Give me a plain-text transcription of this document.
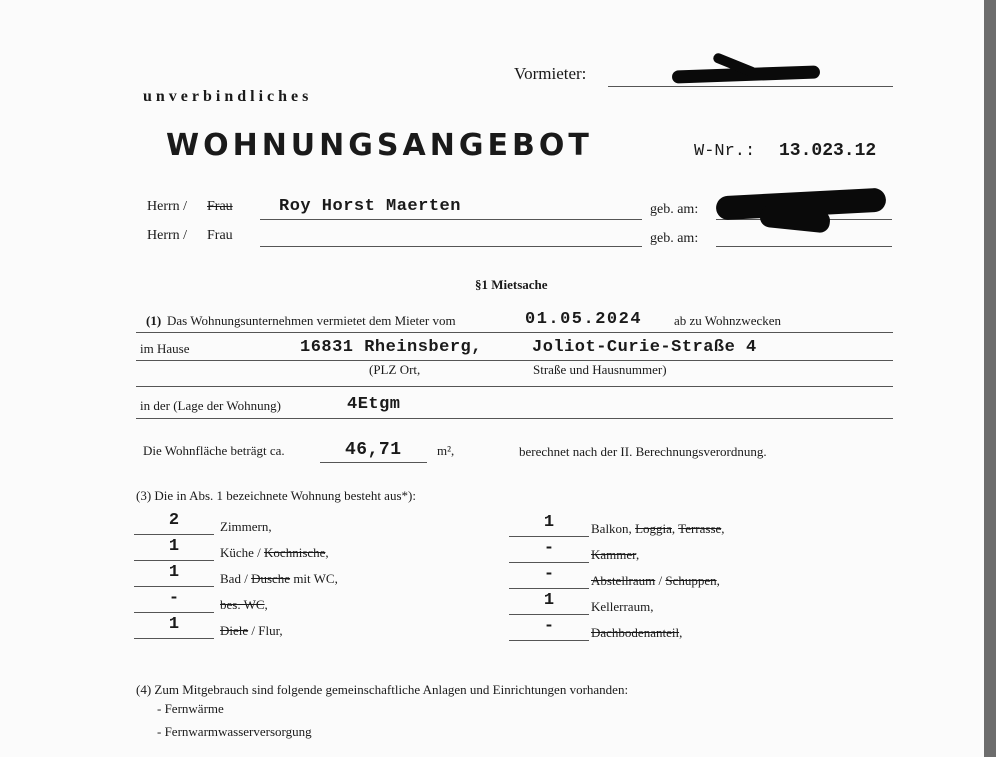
Vormieter:
unverbindliches
WOHNUNGSANGEBOT	W-Nr.: 13.023.12
Herrn / Frau	Roy Horst Maerten	geb. am:
Herrn / Frau	geb. am:
§1 Mietsache
(1) Das Wohnungsunternehmen vermietet dem Mieter vom	01.05.2024 ab zu Wohnzwecken
im Hause	16831 Rheinsberg,	Joliot-Curie-Straße 4
(PLZ Ort,	Straße und Hausnummer)
in der (Lage der Wohnung)	4Etgm
Die Wohnfläche beträgt ca.	46,71	m²,	berechnet nach der II. Berechnungsverordnung.
(3) Die in Abs. 1 bezeichnete Wohnung besteht aus*):
2	Zimmern,
1	Küche / Kochnische,
1	Bad / Dusche mit WC,
-	bes. WC,
1	Diele / Flur,
1	Balkon, Loggia, Terrasse,
-	Kammer,
-	Abstellraum / Schuppen,
1	Kellerraum,
-	Dachbodenanteil,
(4) Zum Mitgebrauch sind folgende gemeinschaftliche Anlagen und Einrichtungen vorhanden:
- Fernwärme
- Fernwarmwasserversorgung
